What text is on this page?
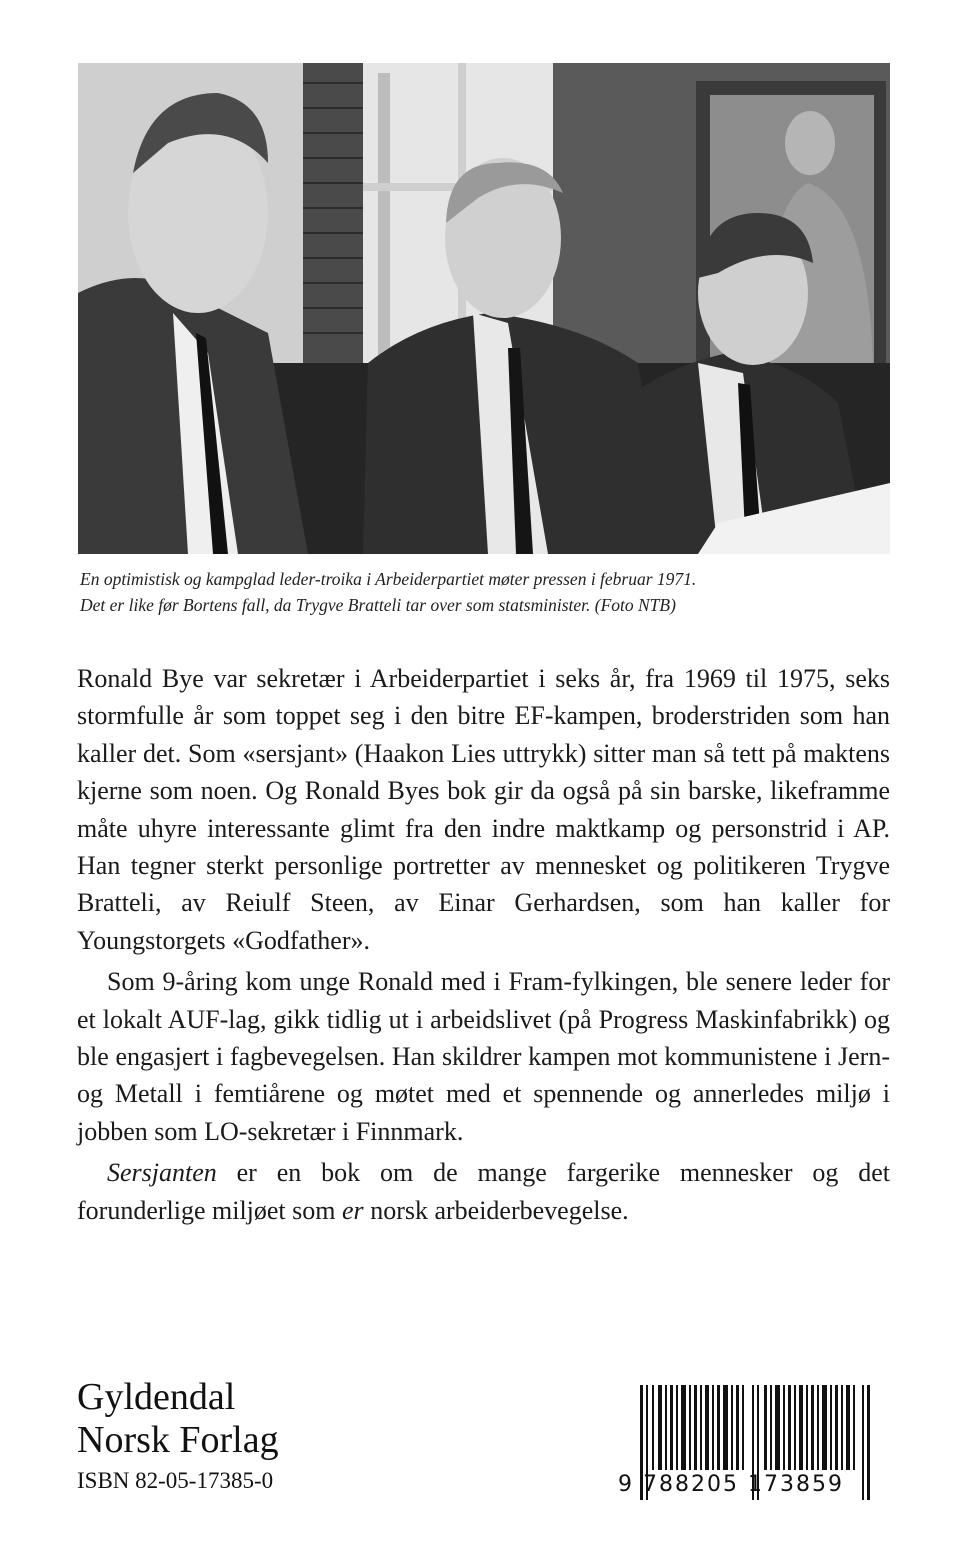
En optimistisk og kampglad leder-troika i Arbeiderpartiet møter pressen i februar 1971.
Det er like før Bortens fall, da Trygve Bratteli tar over som statsminister. (Foto NTB)

Ronald Bye var sekretær i Arbeiderpartiet i seks år, fra 1969 til 1975, seks stormfulle år som toppet seg i den bitre EF-kampen, broderstriden som han kaller det. Som «sersjant» (Haakon Lies uttrykk) sitter man så tett på maktens kjerne som noen. Og Ronald Byes bok gir da også på sin barske, likeframme måte uhyre interessante glimt fra den indre maktkamp og personstrid i AP. Han tegner sterkt personlige portretter av mennesket og politikeren Trygve Bratteli, av Reiulf Steen, av Einar Gerhardsen, som han kaller for Youngstorgets «Godfather».

Som 9-åring kom unge Ronald med i Fram-fylkingen, ble senere leder for et lokalt AUF-lag, gikk tidlig ut i arbeidslivet (på Progress Maskinfabrikk) og ble engasjert i fagbevegelsen. Han skildrer kampen mot kommunistene i Jern- og Metall i femtiårene og møtet med et spennende og annerledes miljø i jobben som LO-sekretær i Finnmark.

Sersjanten er en bok om de mange fargerike mennesker og det forunderlige miljøet som er norsk arbeiderbevegelse.

Gyldendal
Norsk Forlag
ISBN 82-05-17385-0	9 788205 173859
